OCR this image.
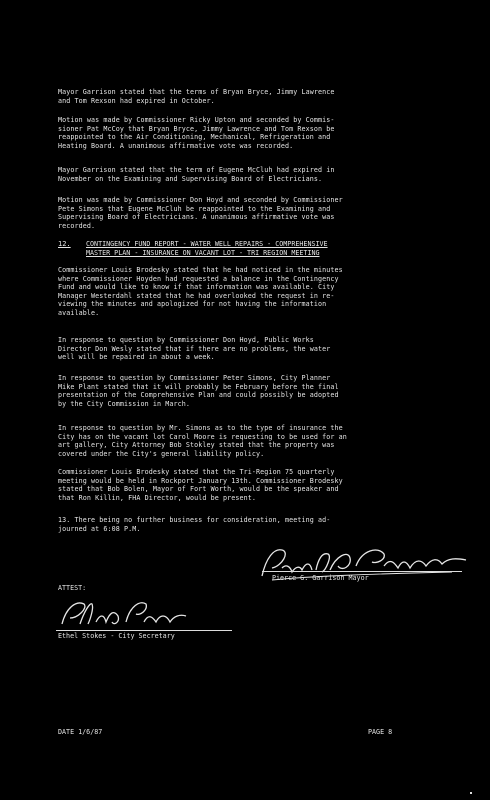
Mayor Garrison stated that the terms of Bryan Bryce, Jimmy Lawrence
and Tom Rexson had expired in October.
Motion was made by Commissioner Ricky Upton and seconded by Commis-
sioner Pat McCoy that Bryan Bryce, Jimmy Lawrence and Tom Rexson be
reappointed to the Air Conditioning, Mechanical, Refrigeration and
Heating Board. A unanimous affirmative vote was recorded.
Mayor Garrison stated that the term of Eugene McCluh had expired in
November on the Examining and Supervising Board of Electricians.
Motion was made by Commissioner Don Hoyd and seconded by Commissioner
Pete Simons that Eugene McCluh be reappointed to the Examining and
Supervising Board of Electricians. A unanimous affirmative vote was
recorded.
12. CONTINGENCY FUND REPORT - WATER WELL REPAIRS - COMPREHENSIVE
MASTER PLAN - INSURANCE ON VACANT LOT - TRI REGION MEETING
Commissioner Louis Brodesky stated that he had noticed in the minutes
where Commissioner Hoyden had requested a balance in the Contingency
Fund and would like to know if that information was available. City
Manager Westerdahl stated that he had overlooked the request in re-
viewing the minutes and apologized for not having the information
available.
In response to question by Commissioner Don Hoyd, Public Works
Director Don Wesly stated that if there are no problems, the water
well will be repaired in about a week.
In response to question by Commissioner Peter Simons, City Planner
Mike Plant stated that it will probably be February before the final
presentation of the Comprehensive Plan and could possibly be adopted
by the City Commission in March.
In response to question by Mr. Simons as to the type of insurance the
City has on the vacant lot Carol Moore is requesting to be used for an
art gallery, City Attorney Bob Stokley stated that the property was
covered under the City's general liability policy.
Commissioner Louis Brodesky stated that the Tri-Region 75 quarterly
meeting would be held in Rockport January 13th. Commissioner Brodesky
stated that Bob Bolen, Mayor of Fort Worth, would be the speaker and
that Ron Killin, FHA Director, would be present.
13. There being no further business for consideration, meeting ad-
journed at 6:08 P.M.
Pierce G. Garrison Mayor
ATTEST:
Ethel Stokes - City Secretary
DATE 1/6/87	PAGE 8
